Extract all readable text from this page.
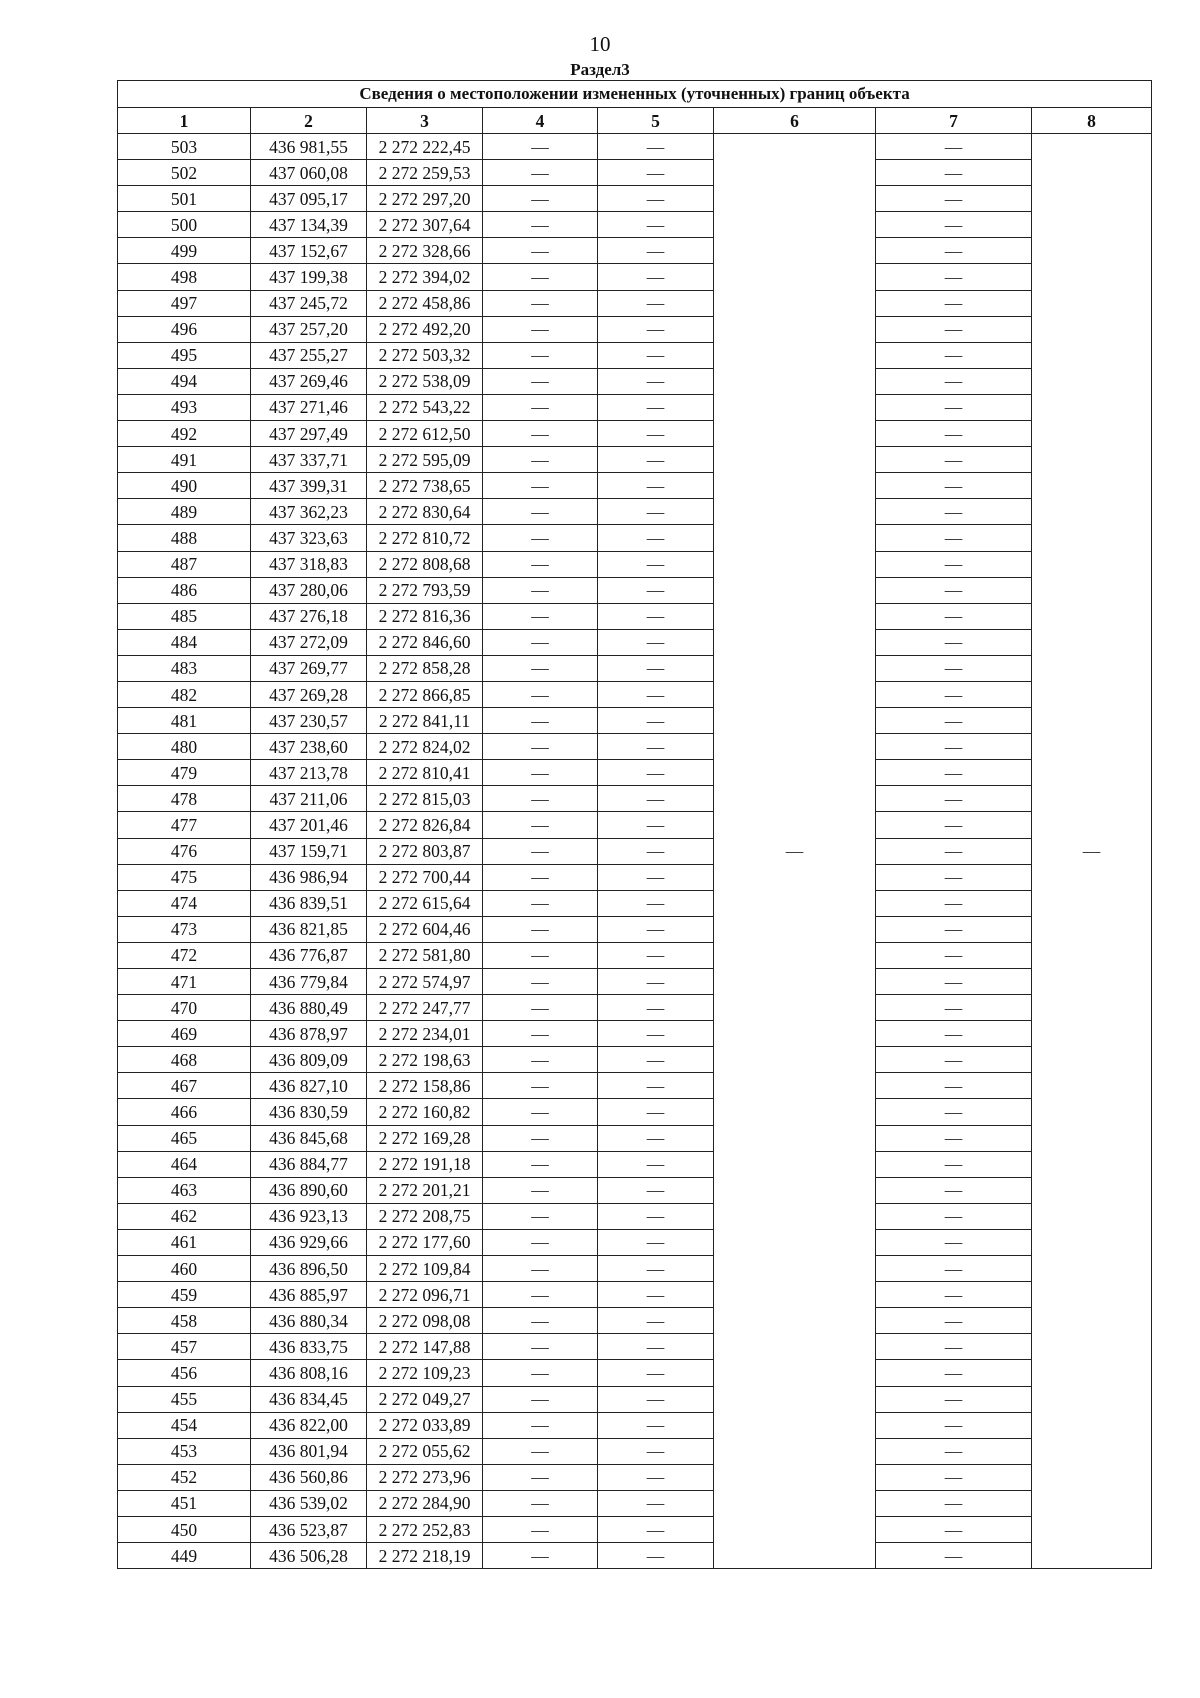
10
Раздел3
Сведения о местоположении измененных (уточненных) границ объекта							
1	2	3	4	5	6	7	8
503	436 981,55	2 272 222,45	—	—	—	—	—
502	437 060,08	2 272 259,53	—	—		—	
501	437 095,17	2 272 297,20	—	—		—	
500	437 134,39	2 272 307,64	—	—		—	
499	437 152,67	2 272 328,66	—	—		—	
498	437 199,38	2 272 394,02	—	—		—	
497	437 245,72	2 272 458,86	—	—		—	
496	437 257,20	2 272 492,20	—	—		—	
495	437 255,27	2 272 503,32	—	—		—	
494	437 269,46	2 272 538,09	—	—		—	
493	437 271,46	2 272 543,22	—	—		—	
492	437 297,49	2 272 612,50	—	—		—	
491	437 337,71	2 272 595,09	—	—		—	
490	437 399,31	2 272 738,65	—	—		—	
489	437 362,23	2 272 830,64	—	—		—	
488	437 323,63	2 272 810,72	—	—		—	
487	437 318,83	2 272 808,68	—	—		—	
486	437 280,06	2 272 793,59	—	—		—	
485	437 276,18	2 272 816,36	—	—		—	
484	437 272,09	2 272 846,60	—	—		—	
483	437 269,77	2 272 858,28	—	—		—	
482	437 269,28	2 272 866,85	—	—		—	
481	437 230,57	2 272 841,11	—	—		—	
480	437 238,60	2 272 824,02	—	—		—	
479	437 213,78	2 272 810,41	—	—		—	
478	437 211,06	2 272 815,03	—	—		—	
477	437 201,46	2 272 826,84	—	—		—	
476	437 159,71	2 272 803,87	—	—		—	
475	436 986,94	2 272 700,44	—	—		—	
474	436 839,51	2 272 615,64	—	—		—	
473	436 821,85	2 272 604,46	—	—		—	
472	436 776,87	2 272 581,80	—	—		—	
471	436 779,84	2 272 574,97	—	—		—	
470	436 880,49	2 272 247,77	—	—		—	
469	436 878,97	2 272 234,01	—	—		—	
468	436 809,09	2 272 198,63	—	—		—	
467	436 827,10	2 272 158,86	—	—		—	
466	436 830,59	2 272 160,82	—	—		—	
465	436 845,68	2 272 169,28	—	—		—	
464	436 884,77	2 272 191,18	—	—		—	
463	436 890,60	2 272 201,21	—	—		—	
462	436 923,13	2 272 208,75	—	—		—	
461	436 929,66	2 272 177,60	—	—		—	
460	436 896,50	2 272 109,84	—	—		—	
459	436 885,97	2 272 096,71	—	—		—	
458	436 880,34	2 272 098,08	—	—		—	
457	436 833,75	2 272 147,88	—	—		—	
456	436 808,16	2 272 109,23	—	—		—	
455	436 834,45	2 272 049,27	—	—		—	
454	436 822,00	2 272 033,89	—	—		—	
453	436 801,94	2 272 055,62	—	—		—	
452	436 560,86	2 272 273,96	—	—		—	
451	436 539,02	2 272 284,90	—	—		—	
450	436 523,87	2 272 252,83	—	—		—	
449	436 506,28	2 272 218,19	—	—		—	
